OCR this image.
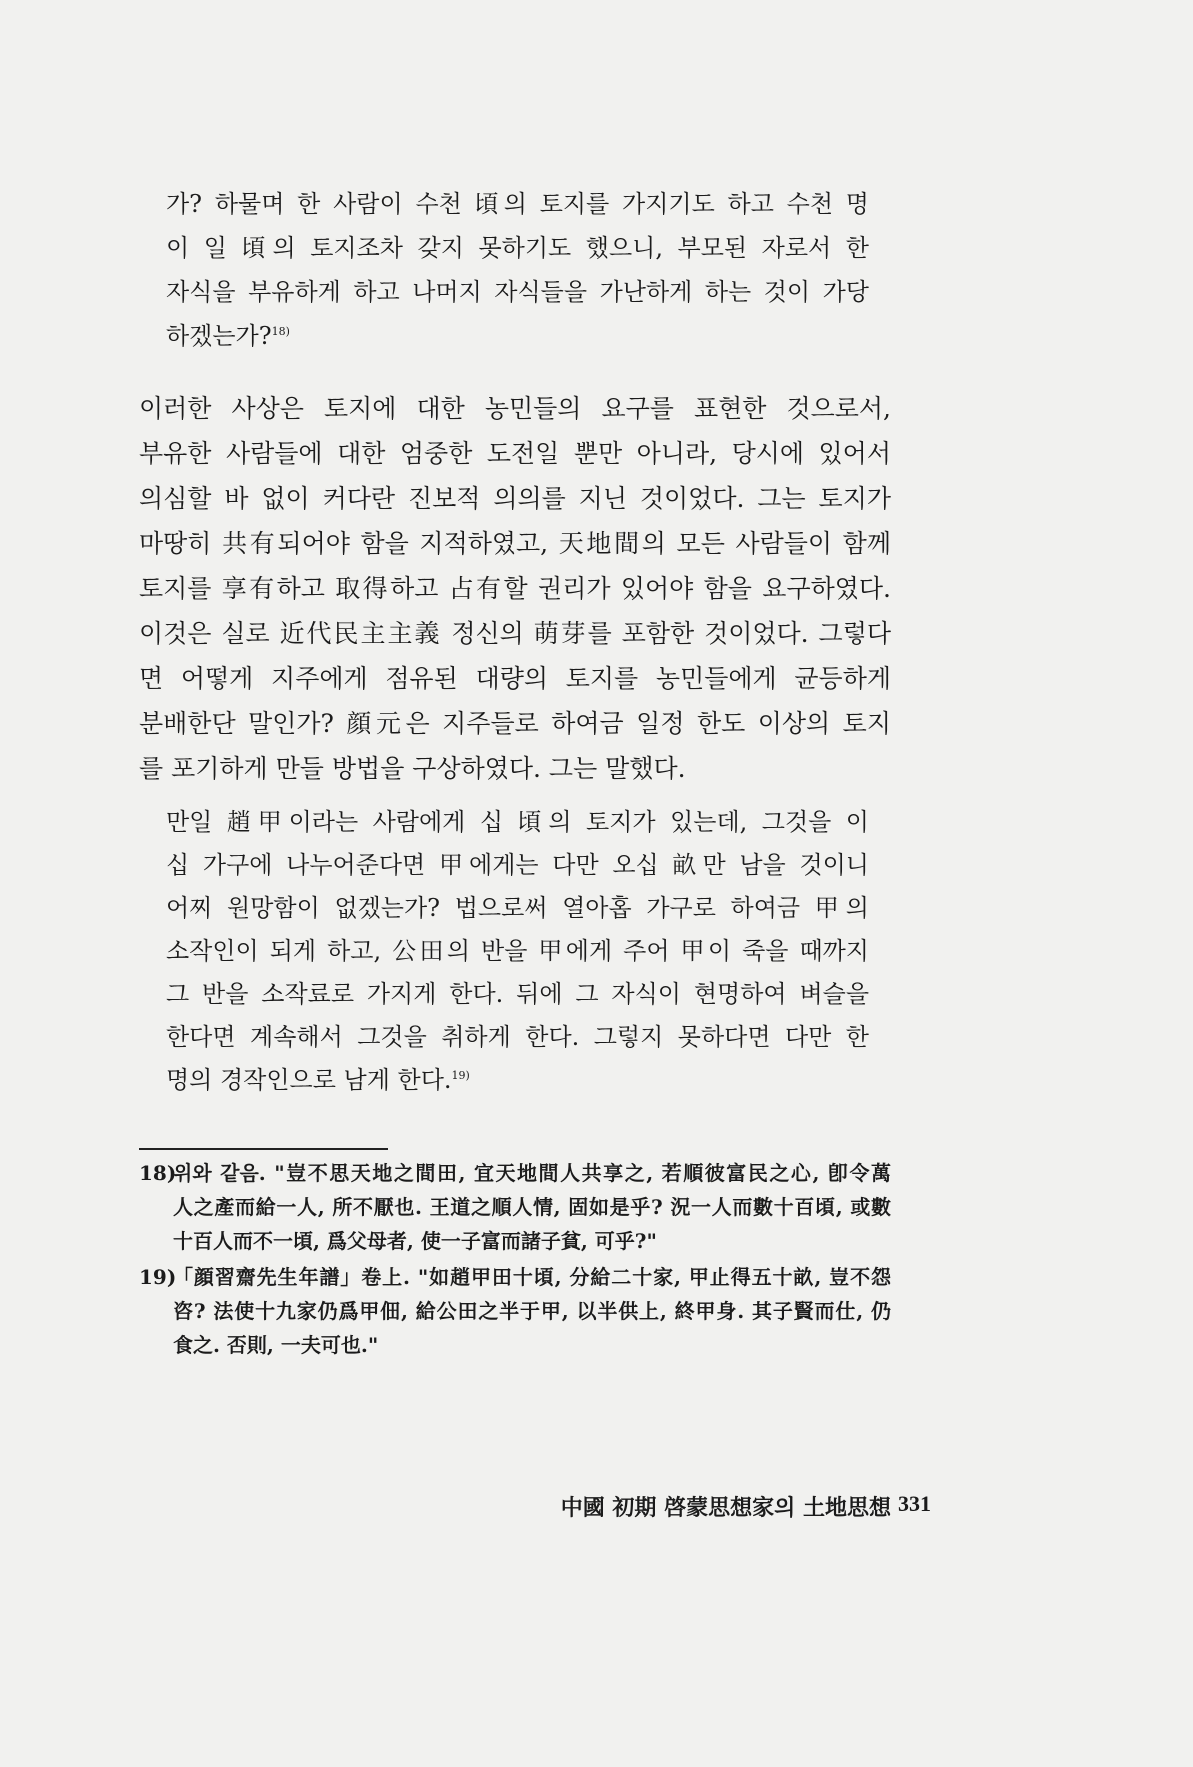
가? 하물며 한 사람이 수천 頃의 토지를 가지기도 하고 수천 명
이 일 頃의 토지조차 갖지 못하기도 했으니, 부모된 자로서 한
자식을 부유하게 하고 나머지 자식들을 가난하게 하는 것이 가당
하겠는가?$^{18)}$
이러한 사상은 토지에 대한 농민들의 요구를 표현한 것으로서,
부유한 사람들에 대한 엄중한 도전일 뿐만 아니라, 당시에 있어서
의심할 바 없이 커다란 진보적 의의를 지닌 것이었다. 그는 토지가
마땅히 共有되어야 함을 지적하였고, 天地間의 모든 사람들이 함께
토지를 享有하고 取得하고 占有할 권리가 있어야 함을 요구하였다.
이것은 실로 近代民主主義 정신의 萌芽를 포함한 것이었다. 그렇다
면 어떻게 지주에게 점유된 대량의 토지를 농민들에게 균등하게
분배한단 말인가? 顔元은 지주들로 하여금 일정 한도 이상의 토지
를 포기하게 만들 방법을 구상하였다. 그는 말했다.
만일 趙甲이라는 사람에게 십 頃의 토지가 있는데, 그것을 이
십 가구에 나누어준다면 甲에게는 다만 오십 畝만 남을 것이니
어찌 원망함이 없겠는가? 법으로써 열아홉 가구로 하여금 甲의
소작인이 되게 하고, 公田의 반을 甲에게 주어 甲이 죽을 때까지
그 반을 소작료로 가지게 한다. 뒤에 그 자식이 현명하여 벼슬을
한다면 계속해서 그것을 취하게 한다. 그렇지 못하다면 다만 한
명의 경작인으로 남게 한다.$^{19)}$
18)
위와 같음. "豈不思天地之間田, 宜天地間人共享之, 若順彼富民之心, 卽令萬
人之產而給一人, 所不厭也. 王道之順人情, 固如是乎? 況一人而數十百頃, 或數
十百人而不一頃, 爲父母者, 使一子富而諸子貧, 可乎?"
19)
「顔習齋先生年譜」卷上. "如趙甲田十頃, 分給二十家, 甲止得五十畝, 豈不怨
咨? 法使十九家仍爲甲佃, 給公田之半于甲, 以半供上, 終甲身. 其子賢而仕, 仍
食之. 否則, 一夫可也."
中國 初期 啓蒙思想家의 土地思想 331
